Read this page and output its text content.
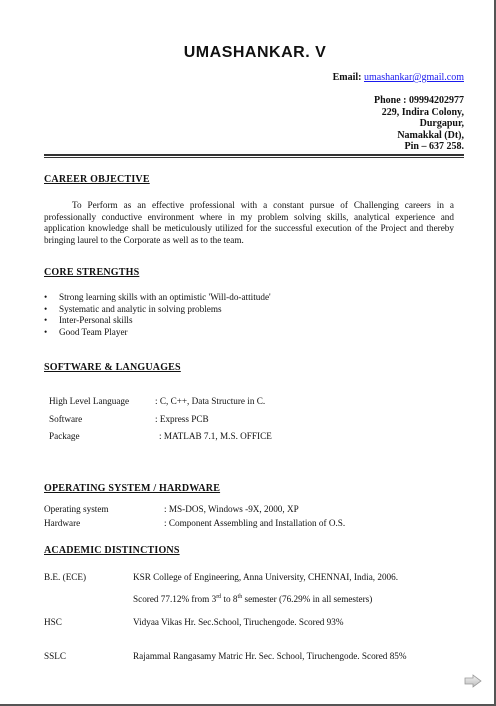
UMASHANKAR. V
Email: umashankar@gmail.com
Phone : 09994202977
229, Indira Colony,
Durgapur,
Namakkal (Dt),
Pin – 637 258.
CAREER OBJECTIVE
To Perform as an effective professional with a constant pursue of Challenging careers in a professionally conductive environment where in my problem solving skills, analytical experience and application knowledge shall be meticulously utilized for the successful execution of the Project and thereby bringing laurel to the Corporate as well as to the team.
CORE STRENGTHS
• Strong learning skills with an optimistic 'Will-do-attitude'
• Systematic and analytic in solving problems
• Inter-Personal skills
• Good Team Player
SOFTWARE & LANGUAGES
High Level Language	: C, C++, Data Structure in C.
Software	: Express PCB
Package	: MATLAB 7.1, M.S. OFFICE
OPERATING SYSTEM / HARDWARE
Operating system	: MS-DOS, Windows -9X, 2000, XP
Hardware	: Component Assembling and Installation of O.S.
ACADEMIC DISTINCTIONS
B.E. (ECE)	KSR College of Engineering, Anna University, CHENNAI, India, 2006.
Scored 77.12% from 3rd to 8th semester (76.29% in all semesters)
HSC	Vidyaa Vikas Hr. Sec.School, Tiruchengode. Scored 93%
SSLC	Rajammal Rangasamy Matric Hr. Sec. School, Tiruchengode. Scored 85%
